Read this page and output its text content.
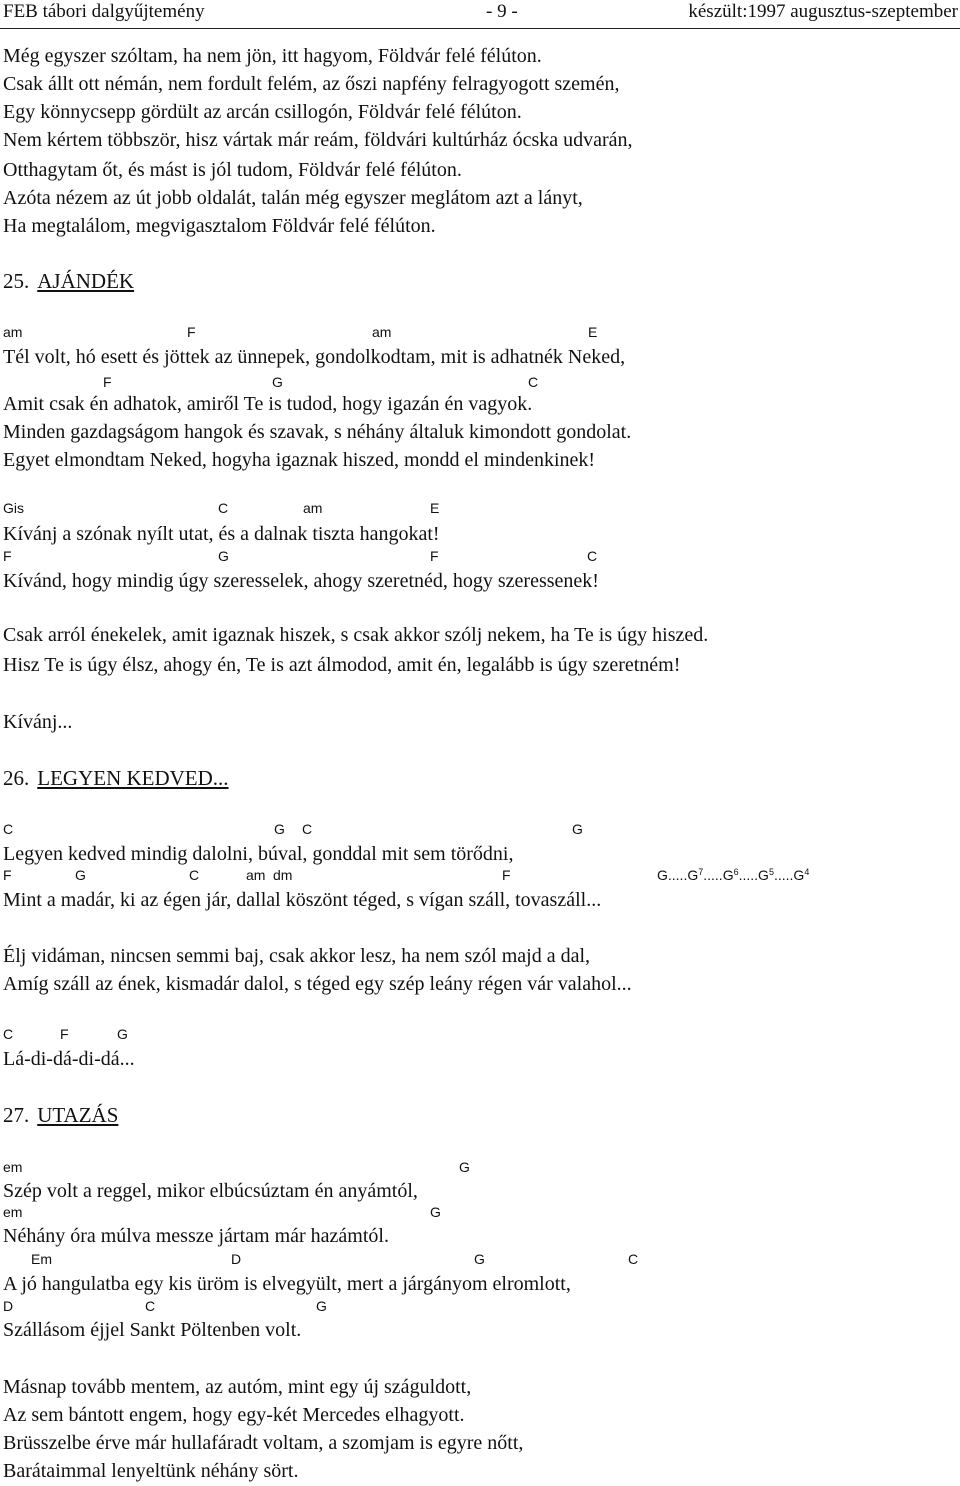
FEB tábori dalgyűjtemény	- 9 -	készült:1997 augusztus-szeptember
Még egyszer szóltam, ha nem jön, itt hagyom, Földvár felé félúton.
Csak állt ott némán, nem fordult felém, az őszi napfény felragyogott szemén,
Egy könnycsepp gördült az arcán csillogón, Földvár felé félúton.
Nem kértem többször, hisz vártak már reám, földvári kultúrház ócska udvarán,
Otthagytam őt, és mást is jól tudom, Földvár felé félúton.
Azóta nézem az út jobb oldalát, talán még egyszer meglátom azt a lányt,
Ha megtalálom, megvigasztalom Földvár felé félúton.
25. AJÁNDÉK
am	F	am	E
Tél volt, hó esett és jöttek az ünnepek, gondolkodtam, mit is adhatnék Neked,
F	G	C
Amit csak én adhatok, amiről Te is tudod, hogy igazán én vagyok.
Minden gazdagságom hangok és szavak, s néhány általuk kimondott gondolat.
Egyet elmondtam Neked, hogyha igaznak hiszed, mondd el mindenkinek!
Gis	C	am	E
Kívánj a szónak nyílt utat, és a dalnak tiszta hangokat!
F	G	F	C
Kívánd, hogy mindig úgy szeresselek, ahogy szeretnéd, hogy szeressenek!
Csak arról énekelek, amit igaznak hiszek, s csak akkor szólj nekem, ha Te is úgy hiszed.
Hisz Te is úgy élsz, ahogy én, Te is azt álmodod, amit én, legalább is úgy szeretném!
Kívánj...
26. LEGYEN KEDVED...
C	G C	G
Legyen kedved mindig dalolni, búval, gonddal mit sem törődni,
F	G	C	am dm	F	$G.....G^7.....G^6.....G^5.....G^4$
Mint a madár, ki az égen jár, dallal köszönt téged, s vígan száll, tovaszáll...
Élj vidáman, nincsen semmi baj, csak akkor lesz, ha nem szól majd a dal,
Amíg száll az ének, kismadár dalol, s téged egy szép leány régen vár valahol...
C	F	G
Lá-di-dá-di-dá...
27. UTAZÁS
em	G
Szép volt a reggel, mikor elbúcsúztam én anyámtól,
em	G
Néhány óra múlva messze jártam már hazámtól.
Em	D	G	C
A jó hangulatba egy kis üröm is elvegyült, mert a járgányom elromlott,
D	C	G
Szállásom éjjel Sankt Pöltenben volt.
Másnap tovább mentem, az autóm, mint egy új száguldott,
Az sem bántott engem, hogy egy-két Mercedes elhagyott.
Brüsszelbe érve már hullafáradt voltam, a szomjam is egyre nőtt,
Barátaimmal lenyeltünk néhány sört.
